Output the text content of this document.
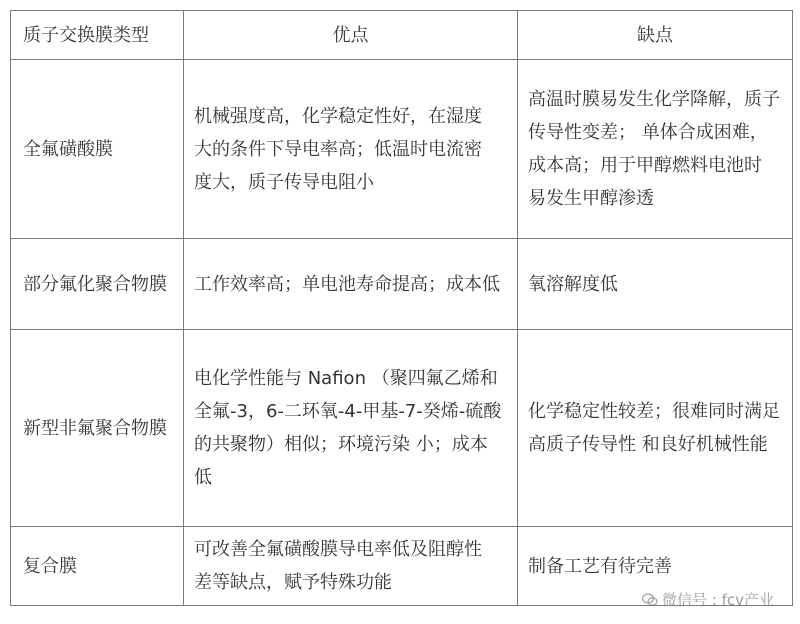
质子交换膜类型	优点	缺点
全氟磺酸膜	机械强度高，化学稳定性好，在湿度 大的条件下导电率高；低温时电流密 度大，质子传导电阻小	高温时膜易发生化学降解，质子传导性变差； 单体合成困难，成本高；用于甲醇燃料电池时 易发生甲醇渗透
部分氟化聚合物膜	工作效率高；单电池寿命提高；成本低	氧溶解度低
新型非氟聚合物膜	电化学性能与 Nafion （聚四氟乙烯和全氟-3，6-二环氧-4-甲基-7-癸烯-硫酸的共聚物）相似；环境污染 小；成本低	化学稳定性较差；很难同时满足高质子传导性 和良好机械性能
复合膜	可改善全氟磺酸膜导电率低及阻醇性 差等缺点，赋予特殊功能	制备工艺有待完善
微信号 : fcv产业
